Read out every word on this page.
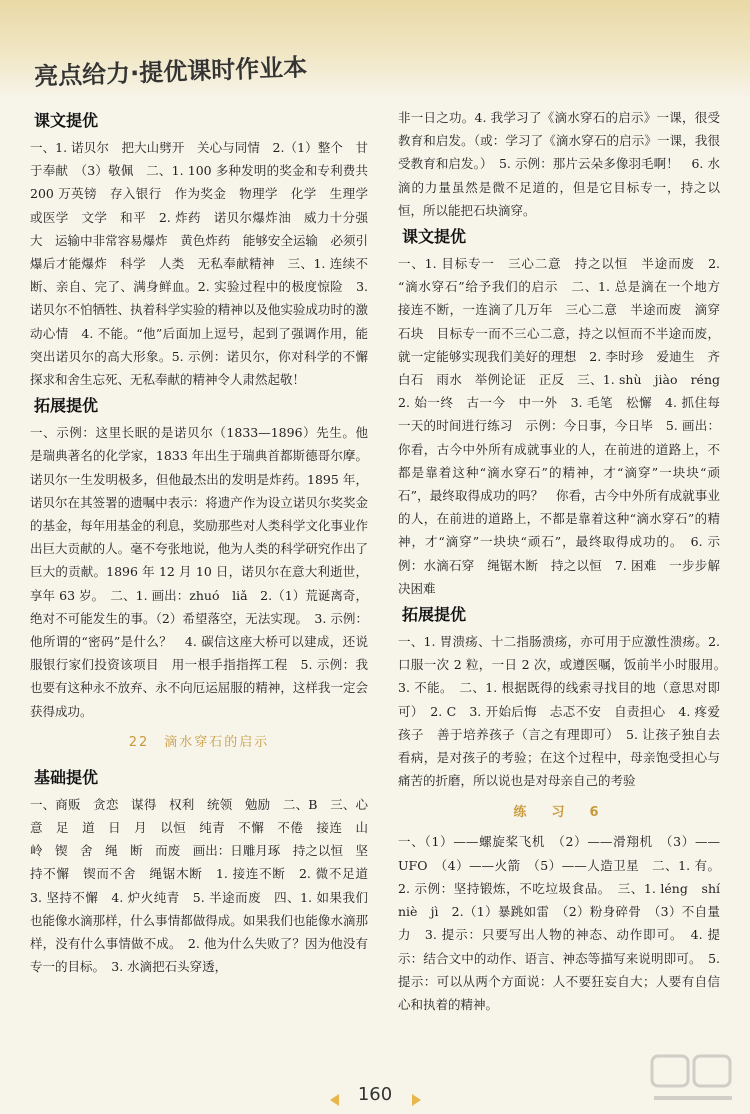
亮点给力·提优课时作业本
课文提优

一、1. 诺贝尔　把大山劈开　关心与同情　2.（1）整个　甘于奉献　（3）敬佩　二、1. 100 多种发明的奖金和专利费共 200 万英镑　存入银行　作为奖金　物理学　化学　生理学或医学　文学　和平　2. 炸药　诺贝尔爆炸油　威力十分强大　运输中非常容易爆炸　黄色炸药　能够安全运输　必须引爆后才能爆炸　科学　人类　无私奉献精神　三、1. 连续不断、亲自、完了、满身鲜血。2. 实验过程中的极度惊险　3. 诺贝尔不怕牺牲、执着科学实验的精神以及他实验成功时的激动心情　4. 不能。“他”后面加上逗号，起到了强调作用，能突出诺贝尔的高大形象。5. 示例：诺贝尔，你对科学的不懈探求和舍生忘死、无私奉献的精神令人肃然起敬！

拓展提优

一、示例：这里长眠的是诺贝尔（1833—1896）先生。他是瑞典著名的化学家，1833 年出生于瑞典首都斯德哥尔摩。诺贝尔一生发明极多，但他最杰出的发明是炸药。1895 年，诺贝尔在其签署的遗嘱中表示：将遗产作为设立诺贝尔奖奖金的基金，每年用基金的利息，奖励那些对人类科学文化事业作出巨大贡献的人。毫不夸张地说，他为人类的科学研究作出了巨大的贡献。1896 年 12 月 10 日，诺贝尔在意大利逝世，享年 63 岁。　二、1. 画出：zhuó　liǎ　2.（1）荒诞离奇，绝对不可能发生的事。（2）希望落空，无法实现。　3. 示例：他所谓的“密码”是什么？　4. 碳信这座大桥可以建成，还说服银行家们投资该项目　用一根手指指挥工程　5. 示例：我也要有这种永不放弃、永不向厄运屈服的精神，这样我一定会获得成功。

22　滴水穿石的启示
基础提优

一、商贩　贪恋　谋得　权利　统领　勉励　二、B　三、心　意　足　道　日　月　以恒　纯青　不懈　不倦　接连　山　岭　锲　舍　绳　断　而废　画出：日雕月琢　持之以恒　坚持不懈　锲而不舍　绳锯木断　1. 接连不断　2. 微不足道　3. 坚持不懈　4. 炉火纯青　5. 半途而废　四、1. 如果我们也能像水滴那样，什么事情都做得成。如果我们也能像水滴那样，没有什么事情做不成。　2. 他为什么失败了？因为他没有专一的目标。　3. 水滴把石头穿透，

非一日之功。4. 我学习了《滴水穿石的启示》一课，很受教育和启发。（或：学习了《滴水穿石的启示》一课，我很受教育和启发。）　5. 示例：那片云朵多像羽毛啊！　6. 水滴的力量虽然是微不足道的，但是它目标专一，持之以恒，所以能把石块滴穿。

课文提优

一、1. 目标专一　三心二意　持之以恒　半途而废　2. “滴水穿石”给予我们的启示　二、1. 总是滴在一个地方　接连不断，一连滴了几万年　三心二意　半途而废　滴穿石块　目标专一而不三心二意，持之以恒而不半途而废，就一定能够实现我们美好的理想　2. 李时珍　爱迪生　齐白石　雨水　举例论证　正反　三、1. shù　jiào　réng　2. 始一终　古一今　中一外　3. 毛笔　松懈　4. 抓住每一天的时间进行练习　示例：今日事，今日毕　5. 画出：你看，古今中外所有成就事业的人，在前进的道路上，不都是靠着这种“滴水穿石”的精神，才“滴穿”一块块“顽石”，最终取得成功的吗？　你看，古今中外所有成就事业的人，在前进的道路上，不都是靠着这种“滴水穿石”的精神，才“滴穿”一块块“顽石”，最终取得成功的。　6. 示例：水滴石穿　绳锯木断　持之以恒　7. 困难　一步步解决困难

拓展提优

一、1. 胃溃疡、十二指肠溃疡，亦可用于应激性溃疡。2. 口服一次 2 粒，一日 2 次，或遵医嘱，饭前半小时服用。　3. 不能。　二、1. 根据既得的线索寻找目的地（意思对即可）　2. C　3. 开始后悔　忐忑不安　自责担心　4. 疼爱孩子　善于培养孩子（言之有理即可）　5. 让孩子独自去看病，是对孩子的考验；在这个过程中，母亲饱受担心与痛苦的折磨，所以说也是对母亲自己的考验

练　习　6

一、（1）——螺旋桨飞机　（2）——滑翔机　（3）——UFO　（4）——火箭　（5）——人造卫星　二、1. 有。2. 示例：坚持锻炼，不吃垃圾食品。　三、1. léng　shí　niè　jì　2.（1）暴跳如雷　（2）粉身碎骨　（3）不自量力　3. 提示：只要写出人物的神态、动作即可。　4. 提示：结合文中的动作、语言、神态等描写来说明即可。　5. 提示：可以从两个方面说：人不要狂妄自大；人要有自信心和执着的精神。

160
